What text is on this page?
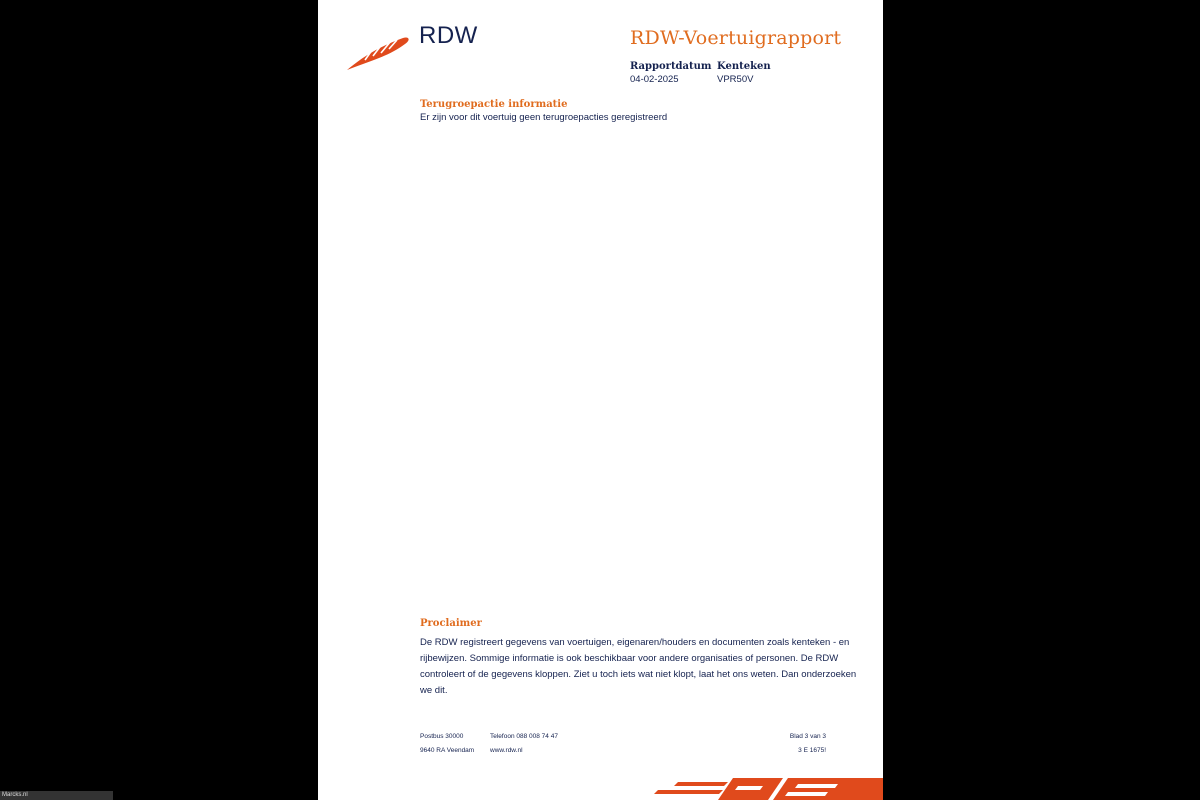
RDW	RDW-Voertuigrapport
Rapportdatum
04-02-2025
Kenteken
VPR50V
Terugroepactie informatie
Er zijn voor dit voertuig geen terugroepacties geregistreerd
Proclaimer
De RDW registreert gegevens van voertuigen, eigenaren/houders en documenten zoals kenteken - en
rijbewijzen. Sommige informatie is ook beschikbaar voor andere organisaties of personen. De RDW
controleert of de gegevens kloppen. Ziet u toch iets wat niet klopt, laat het ons weten. Dan onderzoeken
we dit.
Postbus 30000
9640 RA Veendam
Telefoon 088 008 74 47
www.rdw.nl
Blad 3 van 3
3 E 1675!
Marcks.nl
